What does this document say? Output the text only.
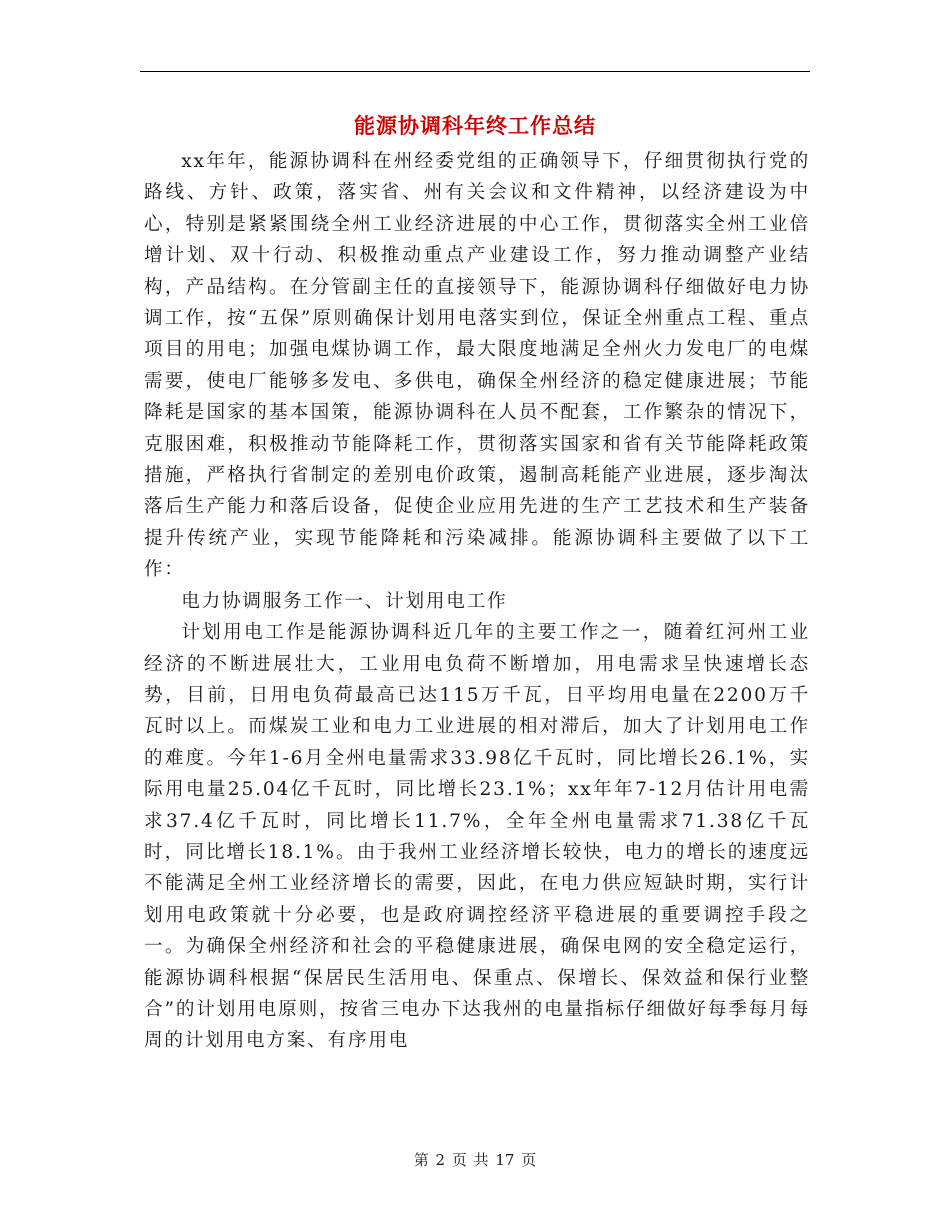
能源协调科年终工作总结

xx年年，能源协调科在州经委党组的正确领导下，仔细贯彻执行党的路线、方针、政策，落实省、州有关会议和文件精神，以经济建设为中心，特别是紧紧围绕全州工业经济进展的中心工作，贯彻落实全州工业倍增计划、双十行动、积极推动重点产业建设工作，努力推动调整产业结构，产品结构。在分管副主任的直接领导下，能源协调科仔细做好电力协调工作，按“五保”原则确保计划用电落实到位，保证全州重点工程、重点项目的用电；加强电煤协调工作，最大限度地满足全州火力发电厂的电煤需要，使电厂能够多发电、多供电，确保全州经济的稳定健康进展；节能降耗是国家的基本国策，能源协调科在人员不配套，工作繁杂的情况下，克服困难，积极推动节能降耗工作，贯彻落实国家和省有关节能降耗政策措施，严格执行省制定的差别电价政策，遏制高耗能产业进展，逐步淘汰落后生产能力和落后设备，促使企业应用先进的生产工艺技术和生产装备提升传统产业，实现节能降耗和污染减排。能源协调科主要做了以下工作：

电力协调服务工作一、计划用电工作

计划用电工作是能源协调科近几年的主要工作之一，随着红河州工业经济的不断进展壮大，工业用电负荷不断增加，用电需求呈快速增长态势，目前，日用电负荷最高已达115万千瓦，日平均用电量在2200万千瓦时以上。而煤炭工业和电力工业进展的相对滞后，加大了计划用电工作的难度。今年1-6月全州电量需求33.98亿千瓦时，同比增长26.1%，实际用电量25.04亿千瓦时，同比增长23.1%；xx年年7-12月估计用电需求37.4亿千瓦时，同比增长11.7%，全年全州电量需求71.38亿千瓦时，同比增长18.1%。由于我州工业经济增长较快，电力的增长的速度远不能满足全州工业经济增长的需要，因此，在电力供应短缺时期，实行计划用电政策就十分必要，也是政府调控经济平稳进展的重要调控手段之一。为确保全州经济和社会的平稳健康进展，确保电网的安全稳定运行，能源协调科根据“保居民生活用电、保重点、保增长、保效益和保行业整合”的计划用电原则，按省三电办下达我州的电量指标仔细做好每季每月每周的计划用电方案、有序用电

第 2 页 共 17 页
